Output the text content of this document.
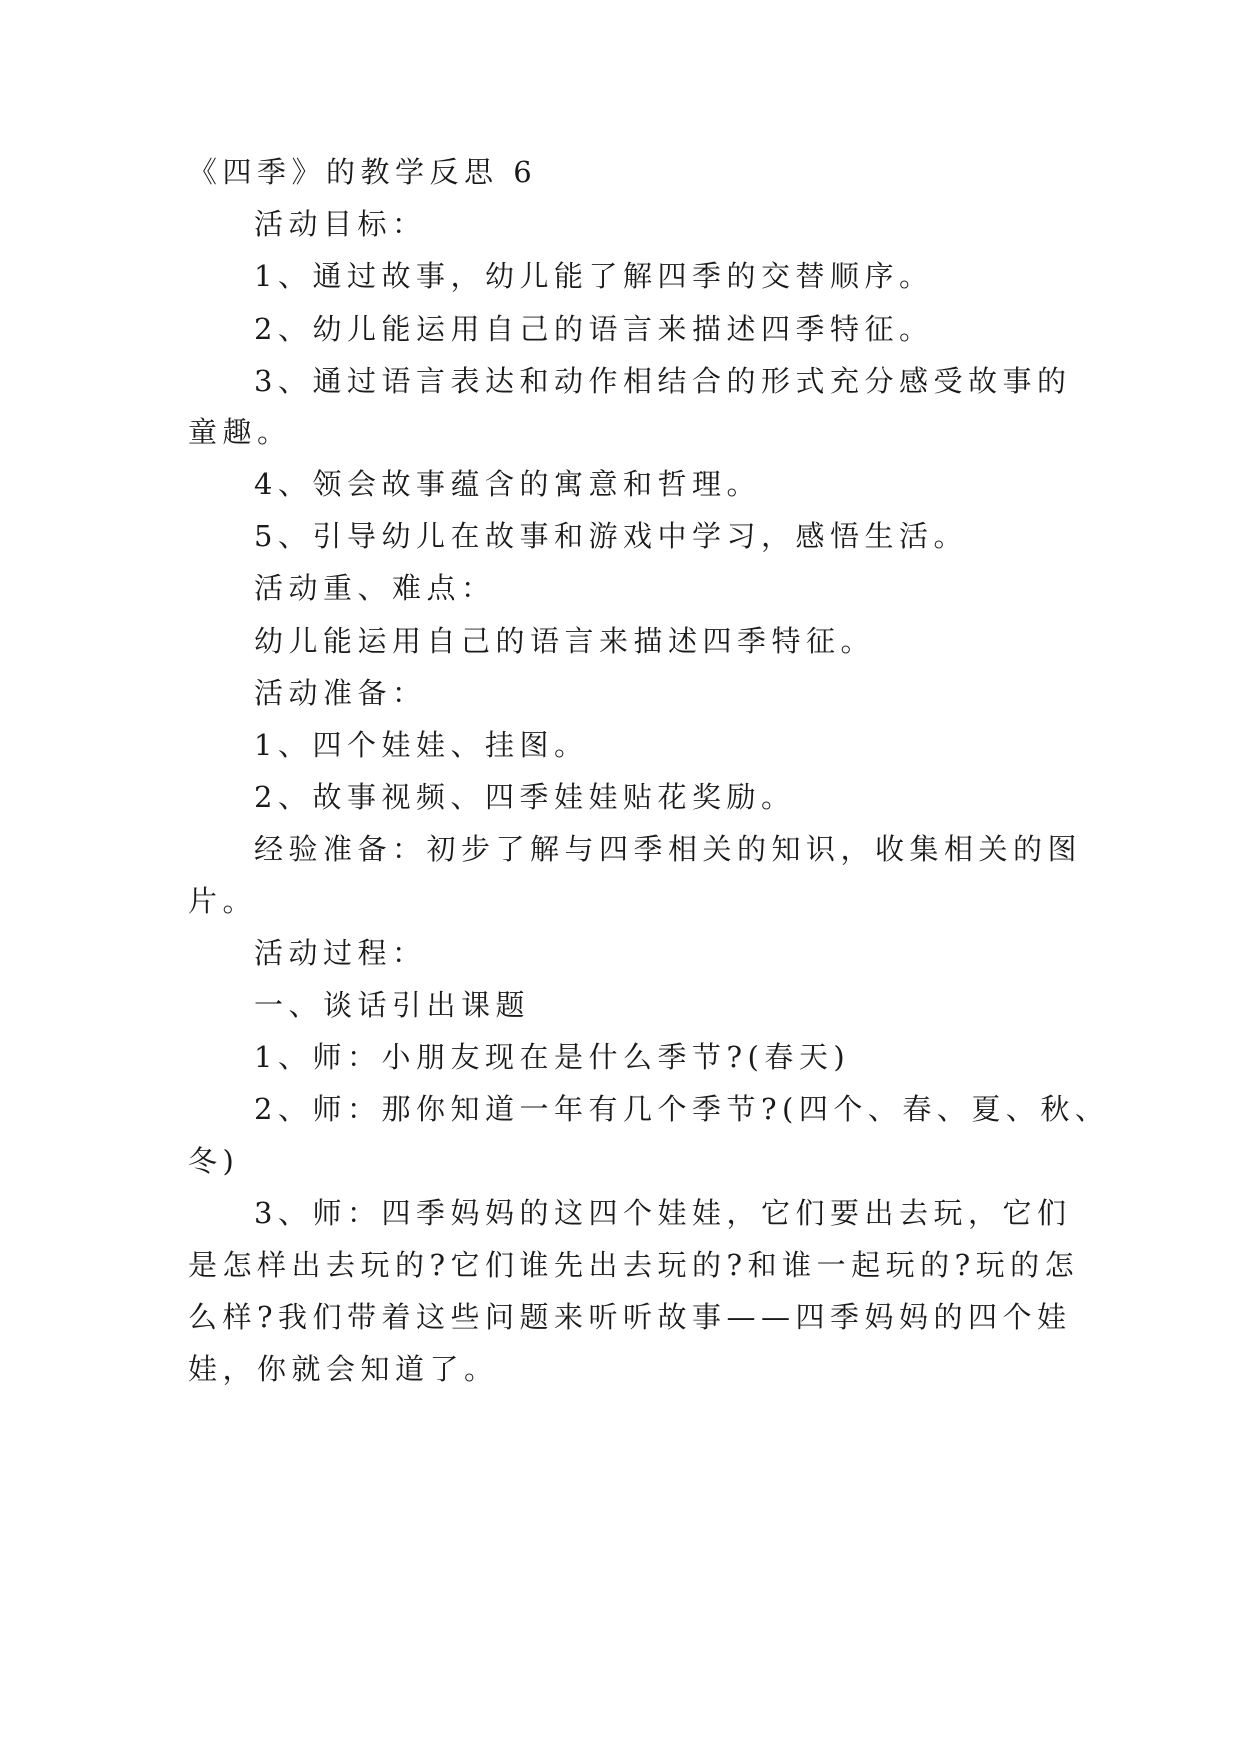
《四季》的教学反思 6
活动目标：
1、通过故事，幼儿能了解四季的交替顺序。
2、幼儿能运用自己的语言来描述四季特征。
3、通过语言表达和动作相结合的形式充分感受故事的
童趣。
4、领会故事蕴含的寓意和哲理。
5、引导幼儿在故事和游戏中学习，感悟生活。
活动重、难点：
幼儿能运用自己的语言来描述四季特征。
活动准备：
1、四个娃娃、挂图。
2、故事视频、四季娃娃贴花奖励。
经验准备：初步了解与四季相关的知识，收集相关的图
片。
活动过程：
一、谈话引出课题
1、师：小朋友现在是什么季节?(春天)
2、师：那你知道一年有几个季节?(四个、春、夏、秋、
冬)
3、师：四季妈妈的这四个娃娃，它们要出去玩，它们
是怎样出去玩的?它们谁先出去玩的?和谁一起玩的?玩的怎
么样?我们带着这些问题来听听故事——四季妈妈的四个娃
娃，你就会知道了。
